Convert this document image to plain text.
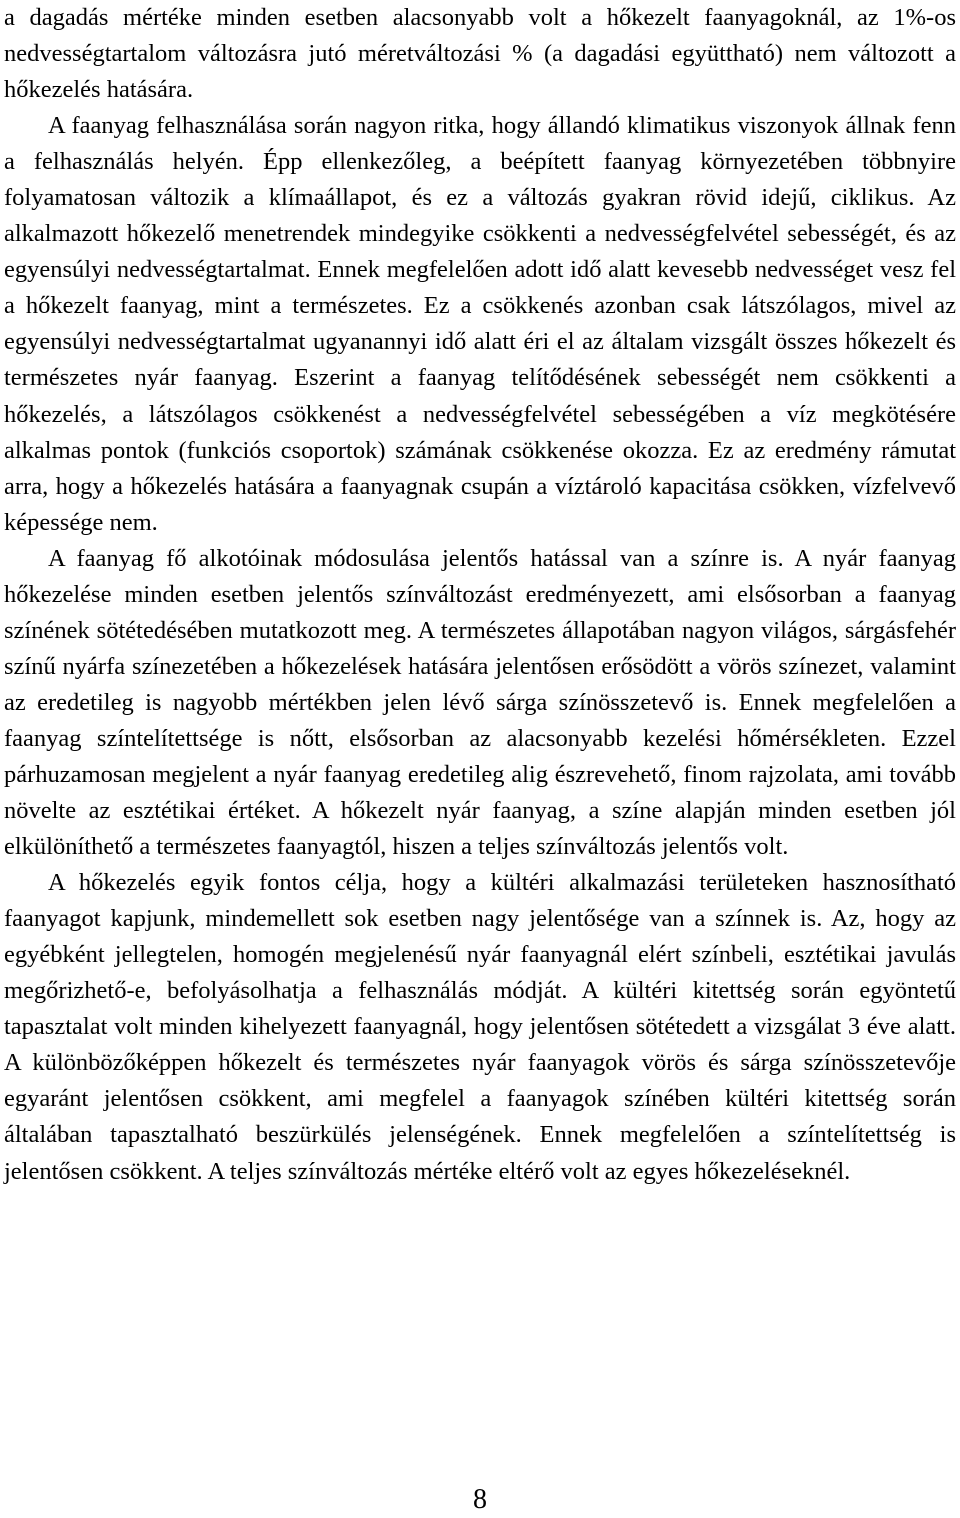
a dagadás mértéke minden esetben alacsonyabb volt a hőkezelt faanyagoknál, az 1%-os nedvességtartalom változásra jutó méretváltozási % (a dagadási együttható) nem változott a hőkezelés hatására.

A faanyag felhasználása során nagyon ritka, hogy állandó klimatikus viszonyok állnak fenn a felhasználás helyén. Épp ellenkezőleg, a beépített faanyag környezetében többnyire folyamatosan változik a klímaállapot, és ez a változás gyakran rövid idejű, ciklikus. Az alkalmazott hőkezelő menetrendek mindegyike csökkenti a nedvességfelvétel sebességét, és az egyensúlyi nedvességtartalmat. Ennek megfelelően adott idő alatt kevesebb nedvességet vesz fel a hőkezelt faanyag, mint a természetes. Ez a csökkenés azonban csak látszólagos, mivel az egyensúlyi nedvességtartalmat ugyanannyi idő alatt éri el az általam vizsgált összes hőkezelt és természetes nyár faanyag. Eszerint a faanyag telítődésének sebességét nem csökkenti a hőkezelés, a látszólagos csökkenést a nedvességfelvétel sebességében a víz megkötésére alkalmas pontok (funkciós csoportok) számának csökkenése okozza. Ez az eredmény rámutat arra, hogy a hőkezelés hatására a faanyagnak csupán a víztároló kapacitása csökken, vízfelvevő képessége nem.

A faanyag fő alkotóinak módosulása jelentős hatással van a színre is. A nyár faanyag hőkezelése minden esetben jelentős színváltozást eredményezett, ami elsősorban a faanyag színének sötétedésében mutatkozott meg. A természetes állapotában nagyon világos, sárgásfehér színű nyárfa színezetében a hőkezelések hatására jelentősen erősödött a vörös színezet, valamint az eredetileg is nagyobb mértékben jelen lévő sárga színösszetevő is. Ennek megfelelően a faanyag színtelítettsége is nőtt, elsősorban az alacsonyabb kezelési hőmérsékleten. Ezzel párhuzamosan megjelent a nyár faanyag eredetileg alig észrevehető, finom rajzolata, ami tovább növelte az esztétikai értéket. A hőkezelt nyár faanyag, a színe alapján minden esetben jól elkülöníthető a természetes faanyagtól, hiszen a teljes színváltozás jelentős volt.

A hőkezelés egyik fontos célja, hogy a kültéri alkalmazási területeken hasznosítható faanyagot kapjunk, mindemellett sok esetben nagy jelentősége van a színnek is. Az, hogy az egyébként jellegtelen, homogén megjelenésű nyár faanyagnál elért színbeli, esztétikai javulás megőrizhető-e, befolyásolhatja a felhasználás módját. A kültéri kitettség során egyöntetű tapasztalat volt minden kihelyezett faanyagnál, hogy jelentősen sötétedett a vizsgálat 3 éve alatt. A különbözőképpen hőkezelt és természetes nyár faanyagok vörös és sárga színösszetevője egyaránt jelentősen csökkent, ami megfelel a faanyagok színében kültéri kitettség során általában tapasztalható beszürkülés jelenségének. Ennek megfelelően a színtelítettség is jelentősen csökkent. A teljes színváltozás mértéke eltérő volt az egyes hőkezeléseknél.

8
